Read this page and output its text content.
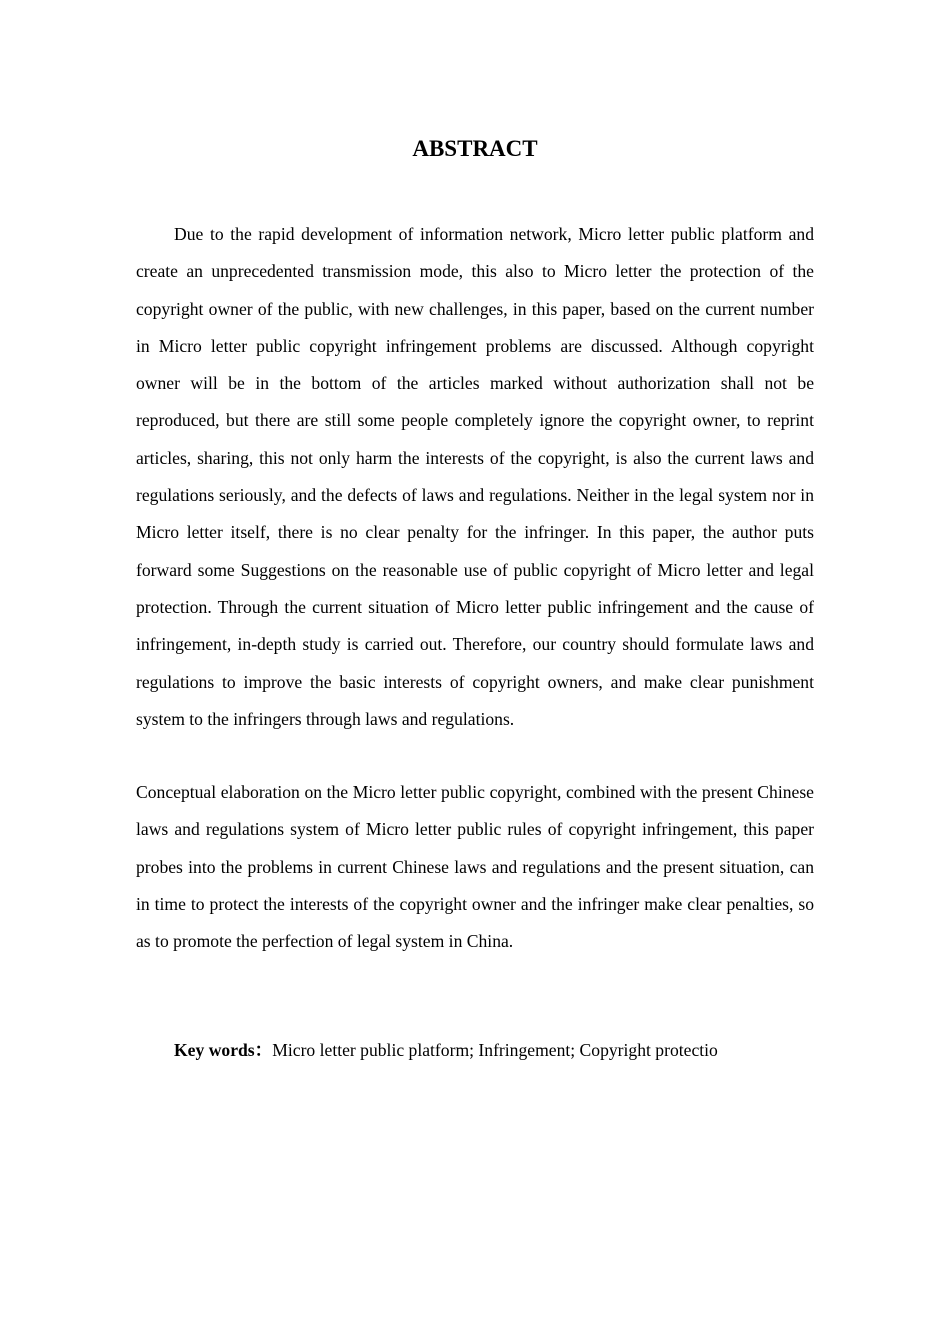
ABSTRACT

Due to the rapid development of information network, Micro letter public platform and create an unprecedented transmission mode, this also to Micro letter the protection of the copyright owner of the public, with new challenges, in this paper, based on the current number in Micro letter public copyright infringement problems are discussed. Although copyright owner will be in the bottom of the articles marked without authorization shall not be reproduced, but there are still some people completely ignore the copyright owner, to reprint articles, sharing, this not only harm the interests of the copyright, is also the current laws and regulations seriously, and the defects of laws and regulations. Neither in the legal system nor in Micro letter itself, there is no clear penalty for the infringer. In this paper, the author puts forward some Suggestions on the reasonable use of public copyright of Micro letter and legal protection. Through the current situation of Micro letter public infringement and the cause of infringement, in-depth study is carried out. Therefore, our country should formulate laws and regulations to improve the basic interests of copyright owners, and make clear punishment system to the infringers through laws and regulations.

Conceptual elaboration on the Micro letter public copyright, combined with the present Chinese laws and regulations system of Micro letter public rules of copyright infringement, this paper probes into the problems in current Chinese laws and regulations and the present situation, can in time to protect the interests of the copyright owner and the infringer make clear penalties, so as to promote the perfection of legal system in China.

Key words：Micro letter public platform; Infringement; Copyright protectio
